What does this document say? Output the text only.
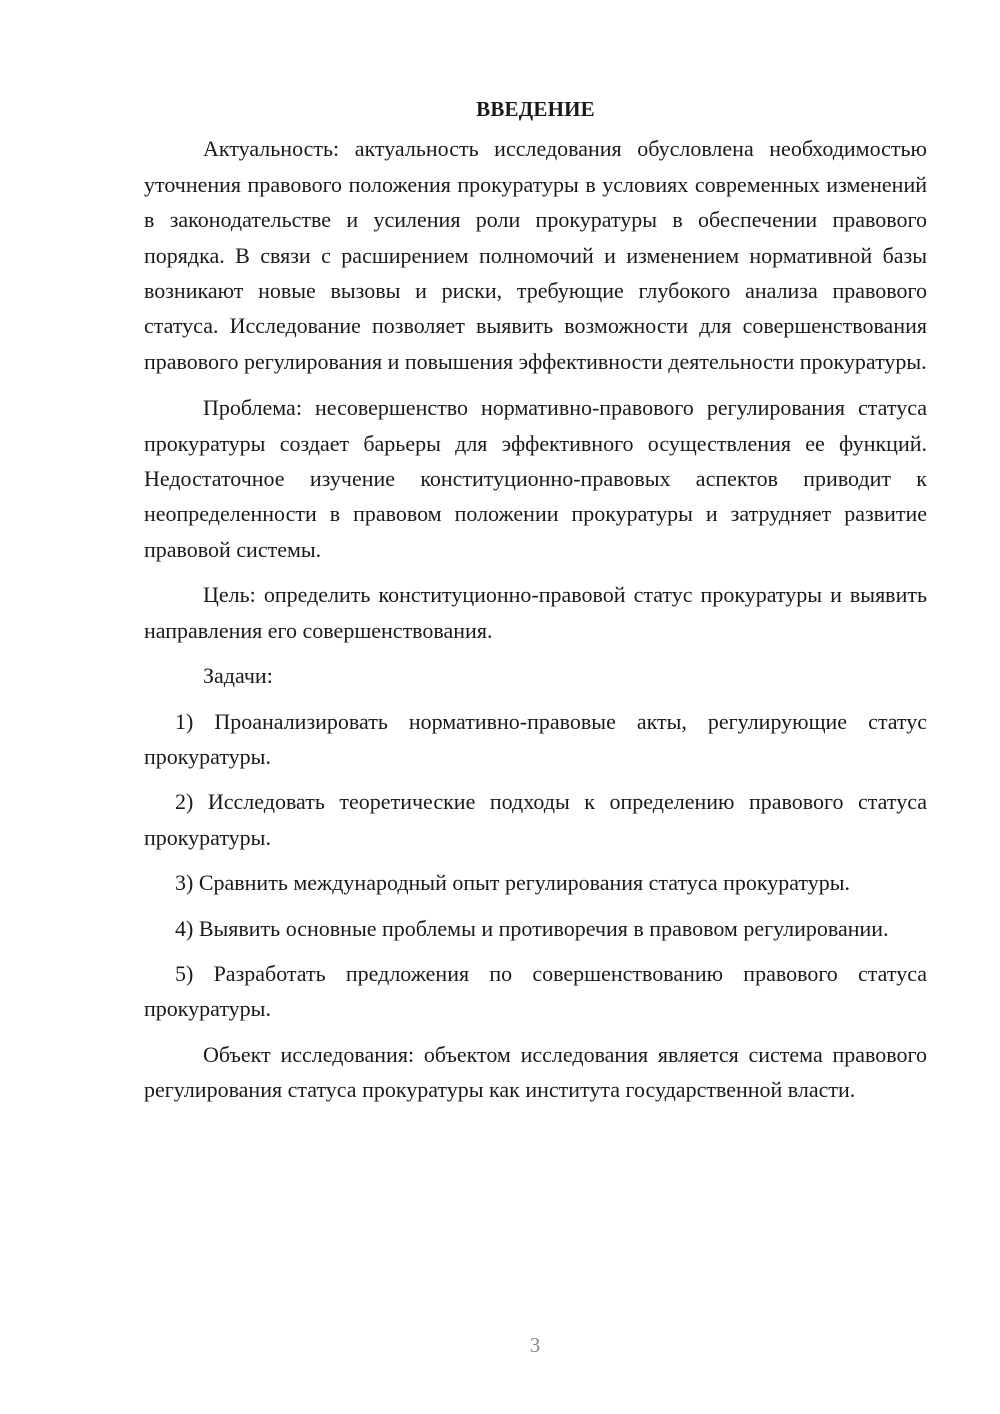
ВВЕДЕНИЕ

Актуальность: актуальность исследования обусловлена необходимостью уточнения правового положения прокуратуры в условиях современных изменений в законодательстве и усиления роли прокуратуры в обеспечении правового порядка. В связи с расширением полномочий и изменением нормативной базы возникают новые вызовы и риски, требующие глубокого анализа правового статуса. Исследование позволяет выявить возможности для совершенствования правового регулирования и повышения эффективности деятельности прокуратуры.

Проблема: несовершенство нормативно-правового регулирования статуса прокуратуры создает барьеры для эффективного осуществления ее функций. Недостаточное изучение конституционно-правовых аспектов приводит к неопределенности в правовом положении прокуратуры и затрудняет развитие правовой системы.

Цель: определить конституционно-правовой статус прокуратуры и выявить направления его совершенствования.

Задачи:

1) Проанализировать нормативно-правовые акты, регулирующие статус прокуратуры.

2) Исследовать теоретические подходы к определению правового статуса прокуратуры.

3) Сравнить международный опыт регулирования статуса прокуратуры.

4) Выявить основные проблемы и противоречия в правовом регулировании.

5) Разработать предложения по совершенствованию правового статуса прокуратуры.

Объект исследования: объектом исследования является система правового регулирования статуса прокуратуры как института государственной власти.

3
